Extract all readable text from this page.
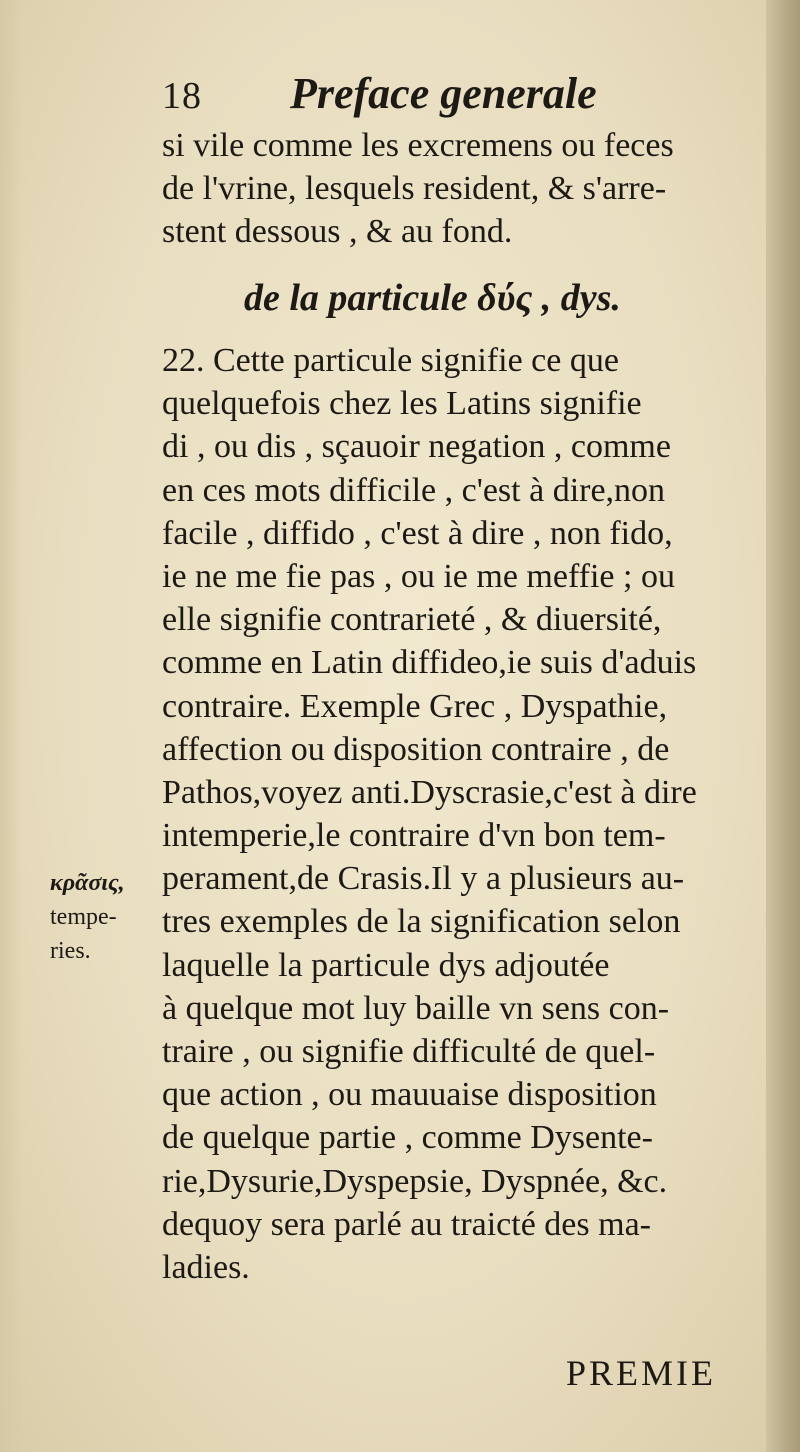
18 Preface generale
si vile comme les excremens ou feces
de l'vrine, lesquels resident, & s'arre-
stent dessous , & au fond.
de la particule δύς , dys.
22. Cette particule signifie ce que
quelquefois chez les Latins signifie
di , ou dis , sçauoir negation , comme
en ces mots difficile , c'est à dire,non
facile , diffido , c'est à dire , non fido,
ie ne me fie pas , ou ie me meffie ; ou
elle signifie contrarieté , & diuersité,
comme en Latin diffideo,ie suis d'aduis
contraire. Exemple Grec , Dyspathie,
affection ou disposition contraire , de
Pathos,voyez anti.Dyscrasie,c'est à dire
intemperie,le contraire d'vn bon tem-
perament,de Crasis.Il y a plusieurs au-
tres exemples de la signification selon
laquelle la particule dys adjoutée
à quelque mot luy baille vn sens con-
traire , ou signifie difficulté de quel-
que action , ou mauuaise disposition
de quelque partie , comme Dysente-
rie,Dysurie,Dyspepsie, Dyspnée, &c.
dequoy sera parlé au traicté des ma-
ladies.
κρᾶσις,
tempe-
ries.
PREMIE
